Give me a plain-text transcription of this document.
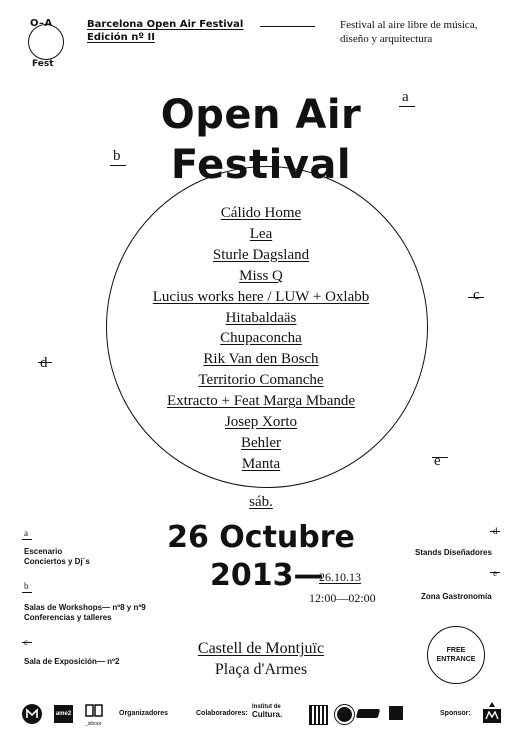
O–A
Fest
Barcelona Open Air Festival
Edición nº II
Festival al aire libre de música,
diseño y arquitectura
Open Air
Festival
Cálido Home
Lea
Sturle Dagsland
Miss Q
Lucius works here / LUW + Oxlabb
Hitabaldaäs
Chupaconcha
Rik Van den Bosch
Territorio Comanche
Extracto + Feat Marga Mbande
Josep Xorto
Behler
Manta
a
b
c
d
e
sáb.
26 Octubre
2013—
26.10.13
12:00—02:00
a
Escenario
Conciertos y Dj´s
b
Salas de Workshops— nº8 y nº9
Conferencias y talleres
c
Sala de Exposición— nº2
d
Stands Diseñadores
e
Zona Gastronomía
Castell de Montjuïc
Plaça d'Armes
FREE
ENTRANCE
ame2
_siboor
Organizadores	Colaboradores:
Institut de
Cultura.	Sponsor:
